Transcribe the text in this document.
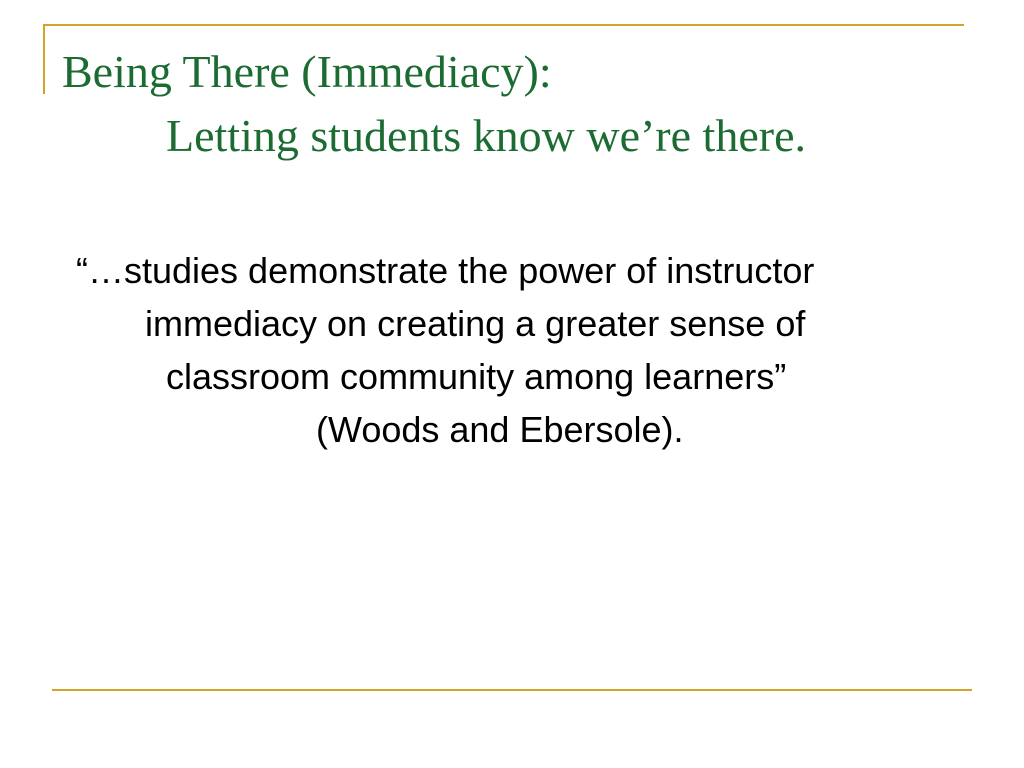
Being There (Immediacy):
Letting students know we’re there.

“…studies demonstrate the power of instructor
immediacy on creating a greater sense of
classroom community among learners”
(Woods and Ebersole).
